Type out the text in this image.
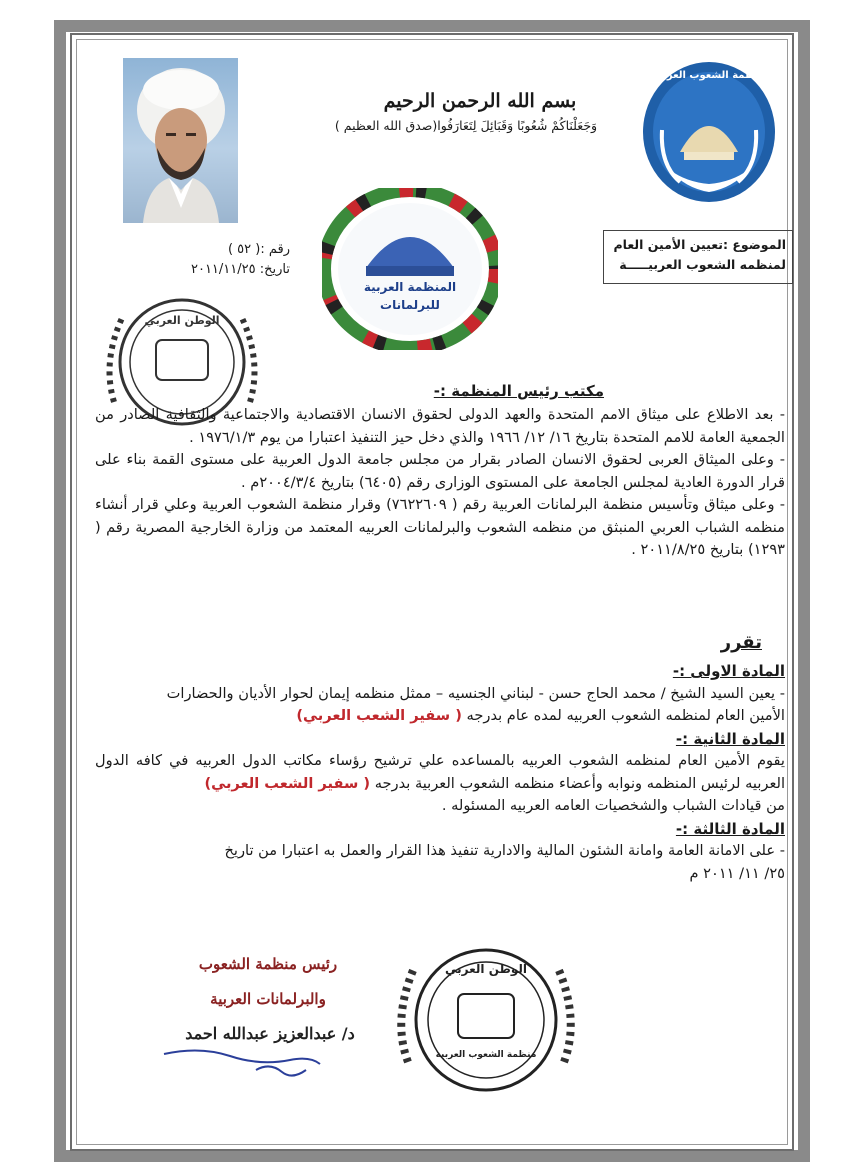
بسم الله الرحمن الرحيم
وَجَعَلْنَاكُمْ شُعُوبًا وَقَبَائِلَ لِتَعَارَفُوا(صدق الله العظيم )
رقم :( ٥٢ )
تاريخ: ٢٠١١/١١/٢٥
منظمة الشعوب العربية
المنظمة العربية
للبرلمانات
الموضوع :تعيين الأمين العام
لمنظمه الشعوب العربيـــــة
الوطن العربي
مكتب رئيس المنظمة :-

- بعد الاطلاع على ميثاق الامم المتحدة والعهد الدولى لحقوق الانسان الاقتصادية والاجتماعية والثقافية الصادر من الجمعية العامة للامم المتحدة بتاريخ ١٦/ ١٢/ ١٩٦٦ والذي دخل حيز التنفيذ اعتبارا من يوم ١٩٧٦/١/٣ .

- وعلى الميثاق العربى لحقوق الانسان الصادر بقرار من مجلس جامعة الدول العربية على مستوى القمة بناء على قرار الدورة العادية لمجلس الجامعة على المستوى الوزارى رقم (٦٤٠٥) بتاريخ ٢٠٠٤/٣/٤م .

- وعلى ميثاق وتأسيس منظمة البرلمانات العربية رقم ( ٧٦٢٢٦٠٩) وقرار منظمة الشعوب العربية وعلي قرار أنشاء منظمه الشباب العربي المنبثق من منظمه الشعوب والبرلمانات العربيه المعتمد من وزارة الخارجية المصرية رقم ( ١٢٩٣) بتاريخ ٢٠١١/٨/٢٥ .

تقرر

المادة الاولى :-

- يعين السيد الشيخ / محمد الحاج حسن - لبناني الجنسيه – ممثل منظمه إيمان لحوار الأديان والحضارات

الأمين العام لمنظمه الشعوب العربيه لمده عام بدرجه ( سفير الشعب العربي)

المادة الثانية :-

يقوم الأمين العام لمنظمه الشعوب العربيه بالمساعده علي ترشيح رؤساء مكاتب الدول العربيه في كافه الدول العربيه لرئيس المنظمه ونوابه وأعضاء منظمه الشعوب العربية بدرجه ( سفير الشعب العربي)

من قيادات الشباب والشخصيات العامه العربيه المسئوله .

المادة الثالثة :-

- على الامانة العامة وامانة الشئون المالية والادارية تنفيذ هذا القرار والعمل به اعتبارا من تاريخ

٢٥/ ١١/ ٢٠١١ م

رئيس منظمة الشعوب
والبرلمانات العربية
د/ عبدالعزيز عبدالله احمد
الوطن العربي
منظمة الشعوب العربية
